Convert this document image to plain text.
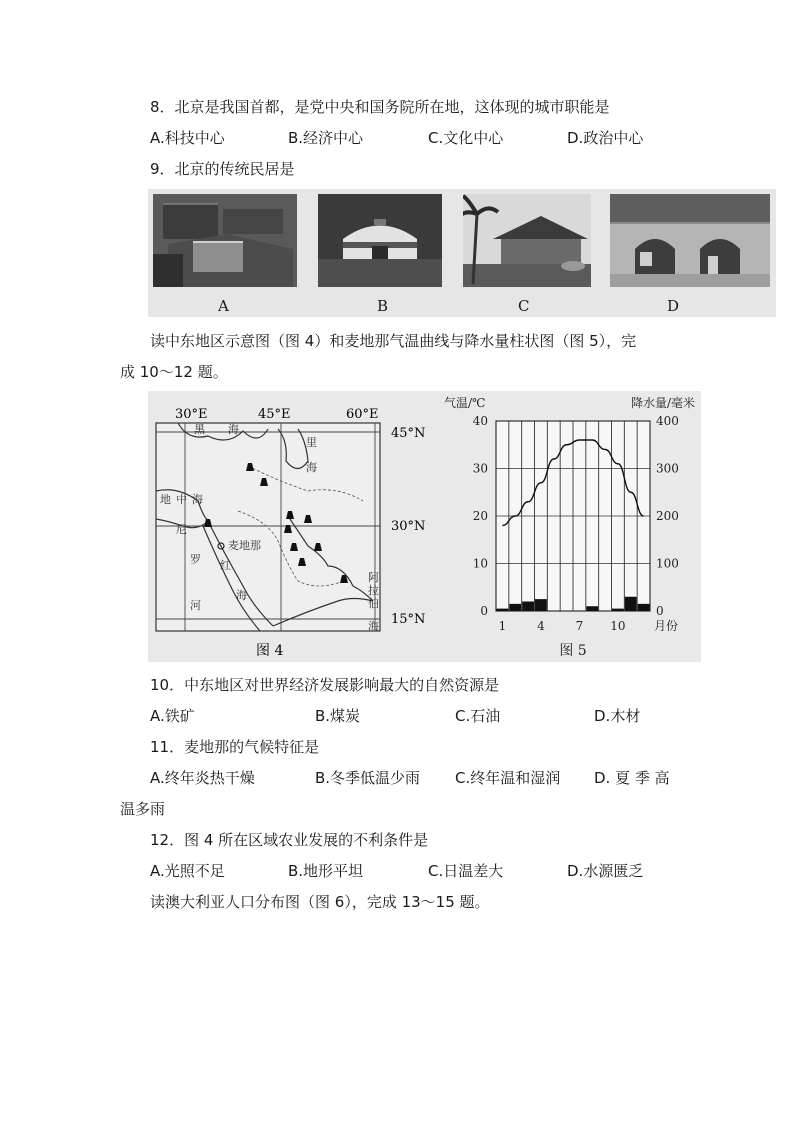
8．北京是我国首都，是党中央和国务院所在地，这体现的城市职能是
A.科技中心	B.经济中心	C.文化中心	D.政治中心
9．北京的传统民居是
A	B	C	D
读中东地区示意图（图 4）和麦地那气温曲线与降水量柱状图（图 5），完
成 10～12 题。
30°E	45°E	60°E
45°N
30°N
15°N
黑 海
里
海
地 中 海
尼
罗
河
红
海
麦地那
阿
拉
伯
海
图 4
0
10
20
30
40
0
100
200
300
400
1	4	7 10 月份
气温/℃	降水量/毫米
图 5
10．中东地区对世界经济发展影响最大的自然资源是
A.铁矿	B.煤炭	C.石油	D.木材
11．麦地那的气候特征是
A.终年炎热干燥	B.冬季低温少雨 C.终年温和湿润 D. 夏 季 高
温多雨
12．图 4 所在区域农业发展的不利条件是
A.光照不足	B.地形平坦	C.日温差大	D.水源匮乏
读澳大利亚人口分布图（图 6），完成 13～15 题。
